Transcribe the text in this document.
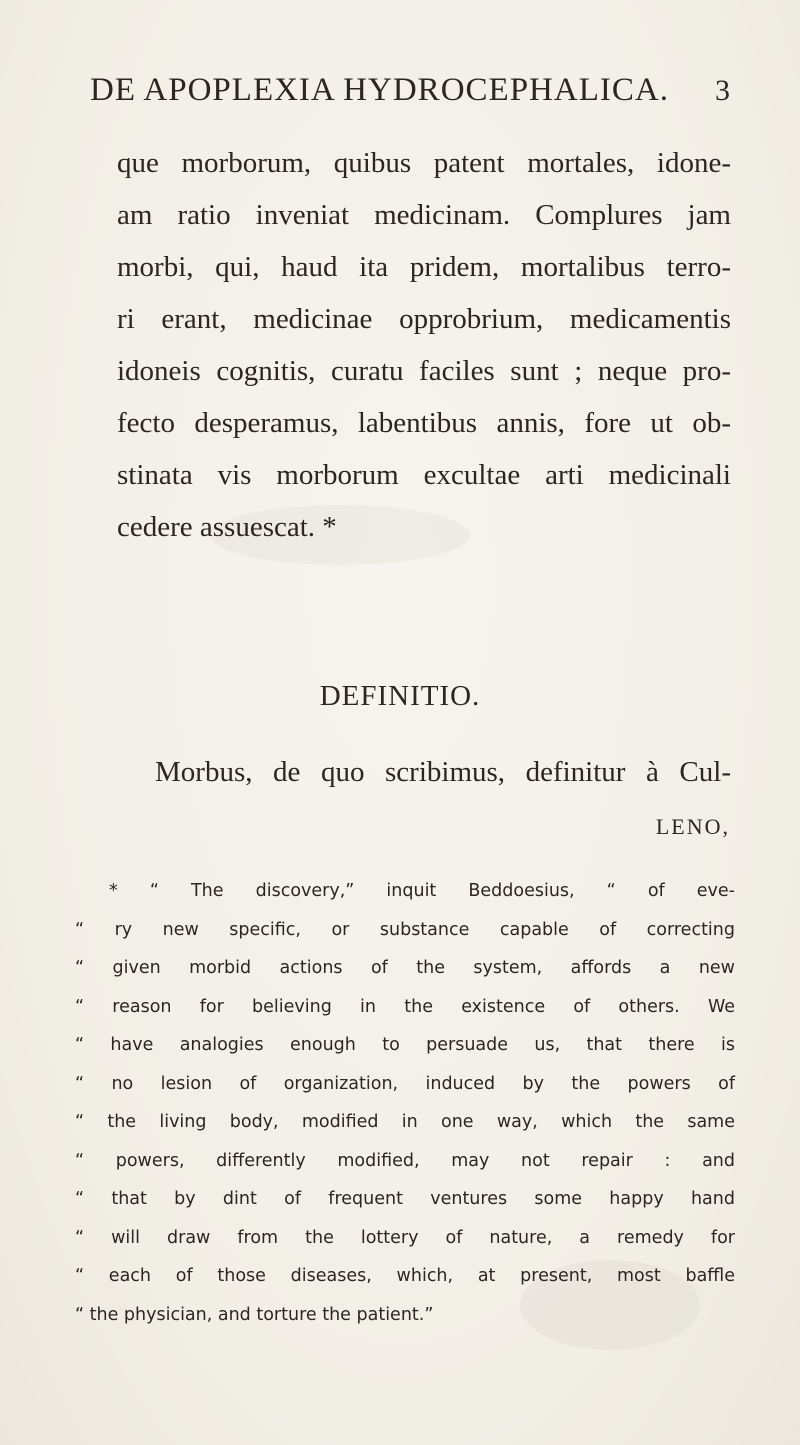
DE APOPLEXIA HYDROCEPHALICA. 3
que morborum, quibus patent mortales, idone-
am ratio inveniat medicinam. Complures jam
morbi, qui, haud ita pridem, mortalibus terro-
ri erant, medicinae opprobrium, medicamentis
idoneis cognitis, curatu faciles sunt ; neque pro-
fecto desperamus, labentibus annis, fore ut ob-
stinata vis morborum excultae arti medicinali
cedere assuescat. *
DEFINITIO.
Morbus, de quo scribimus, definitur à Cul-
LENO,
* “ The discovery,” inquit Beddoesius, “ of eve-
“ ry new specific, or substance capable of correcting
“ given morbid actions of the system, affords a new
“ reason for believing in the existence of others. We
“ have analogies enough to persuade us, that there is
“ no lesion of organization, induced by the powers of
“ the living body, modified in one way, which the same
“ powers, differently modified, may not repair : and
“ that by dint of frequent ventures some happy hand
“ will draw from the lottery of nature, a remedy for
“ each of those diseases, which, at present, most baffle
“ the physician, and torture the patient.”
